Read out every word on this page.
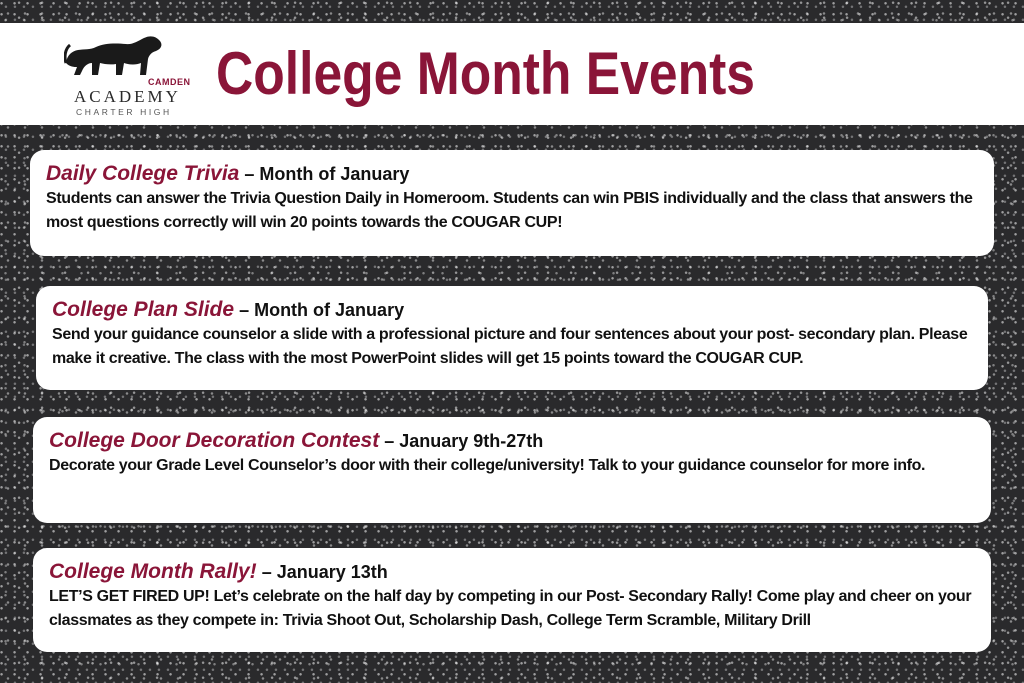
CAMDEN
ACADEMY
CHARTER HIGH
College Month Events
Daily College Trivia – Month of January
Students can answer the Trivia Question Daily in Homeroom. Students can win PBIS individually and the class that answers the most questions correctly will win 20 points towards the COUGAR CUP!
College Plan Slide – Month of January
Send your guidance counselor a slide with a professional picture and four sentences about your post- secondary plan. Please make it creative. The class with the most PowerPoint slides will get 15 points toward the COUGAR CUP.
College Door Decoration Contest – January 9th-27th
Decorate your Grade Level Counselor’s door with their college/university! Talk to your guidance counselor for more info.
College Month Rally! – January 13th
LET’S GET FIRED UP! Let’s celebrate on the half day by competing in our Post- Secondary Rally! Come play and cheer on your classmates as they compete in: Trivia Shoot Out, Scholarship Dash, College Term Scramble, Military Drill
